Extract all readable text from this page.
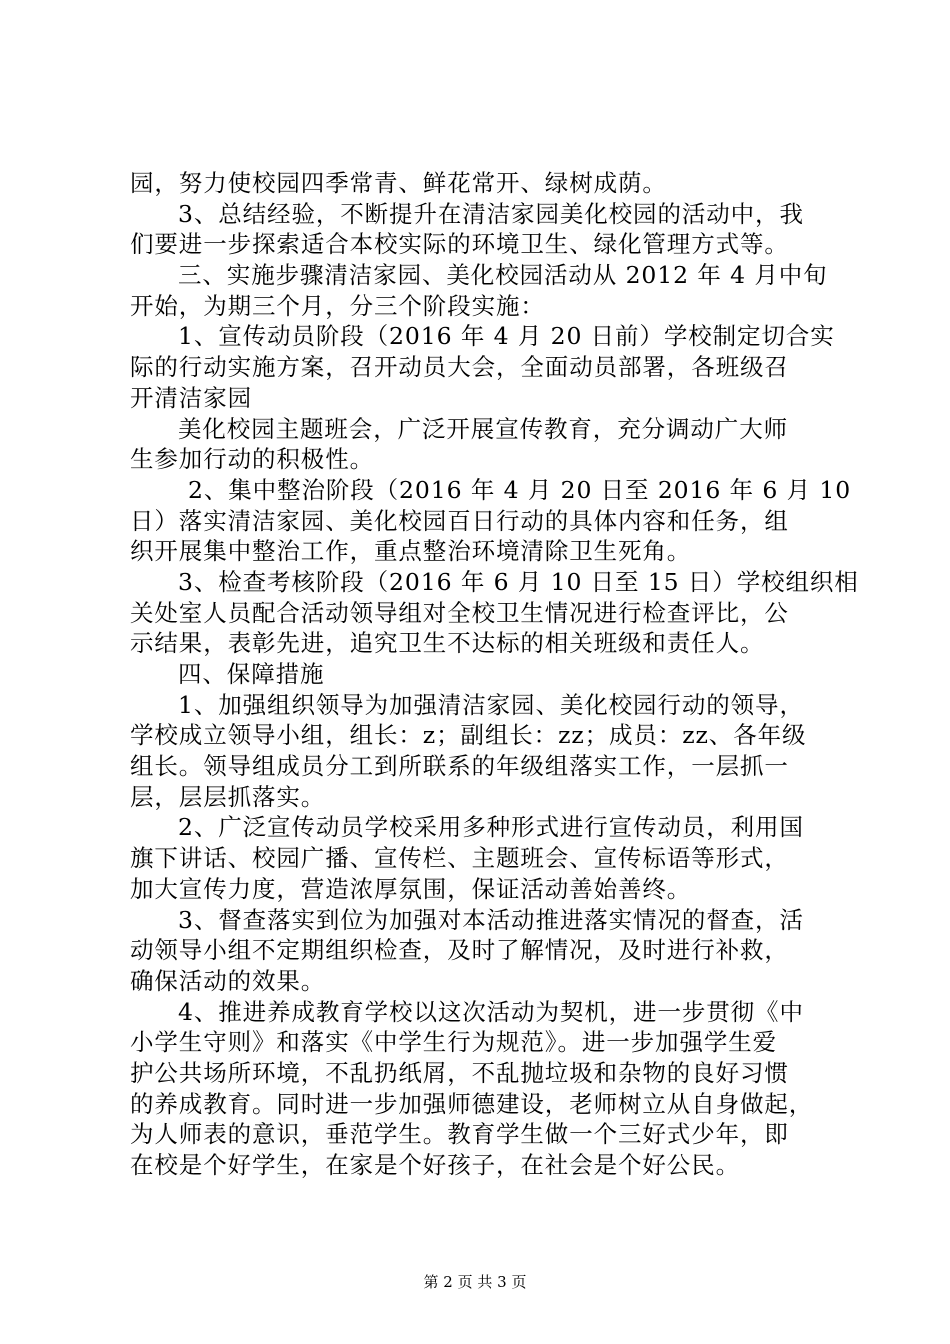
园，努力使校园四季常青、鲜花常开、绿树成荫。
3、总结经验，不断提升在清洁家园美化校园的活动中，我
们要进一步探索适合本校实际的环境卫生、绿化管理方式等。
三、实施步骤清洁家园、美化校园活动从 2012 年 4 月中旬
开始，为期三个月，分三个阶段实施：
1、宣传动员阶段（2016 年 4 月 20 日前）学校制定切合实
际的行动实施方案，召开动员大会，全面动员部署，各班级召
开清洁家园
美化校园主题班会，广泛开展宣传教育，充分调动广大师
生参加行动的积极性。
2、集中整治阶段（2016 年 4 月 20 日至 2016 年 6 月 10
日）落实清洁家园、美化校园百日行动的具体内容和任务，组
织开展集中整治工作，重点整治环境清除卫生死角。
3、检查考核阶段（2016 年 6 月 10 日至 15 日）学校组织相
关处室人员配合活动领导组对全校卫生情况进行检查评比，公
示结果，表彰先进，追究卫生不达标的相关班级和责任人。
四、保障措施
1、加强组织领导为加强清洁家园、美化校园行动的领导，
学校成立领导小组，组长：z；副组长：zz；成员：zz、各年级
组长。领导组成员分工到所联系的年级组落实工作，一层抓一
层，层层抓落实。
2、广泛宣传动员学校采用多种形式进行宣传动员，利用国
旗下讲话、校园广播、宣传栏、主题班会、宣传标语等形式，
加大宣传力度，营造浓厚氛围，保证活动善始善终。
3、督查落实到位为加强对本活动推进落实情况的督查，活
动领导小组不定期组织检查，及时了解情况，及时进行补救，
确保活动的效果。
4、推进养成教育学校以这次活动为契机，进一步贯彻《中
小学生守则》和落实《中学生行为规范》。进一步加强学生爱
护公共场所环境，不乱扔纸屑，不乱抛垃圾和杂物的良好习惯
的养成教育。同时进一步加强师德建设，老师树立从自身做起，
为人师表的意识，垂范学生。教育学生做一个三好式少年，即
在校是个好学生，在家是个好孩子，在社会是个好公民。
第 2 页 共 3 页
